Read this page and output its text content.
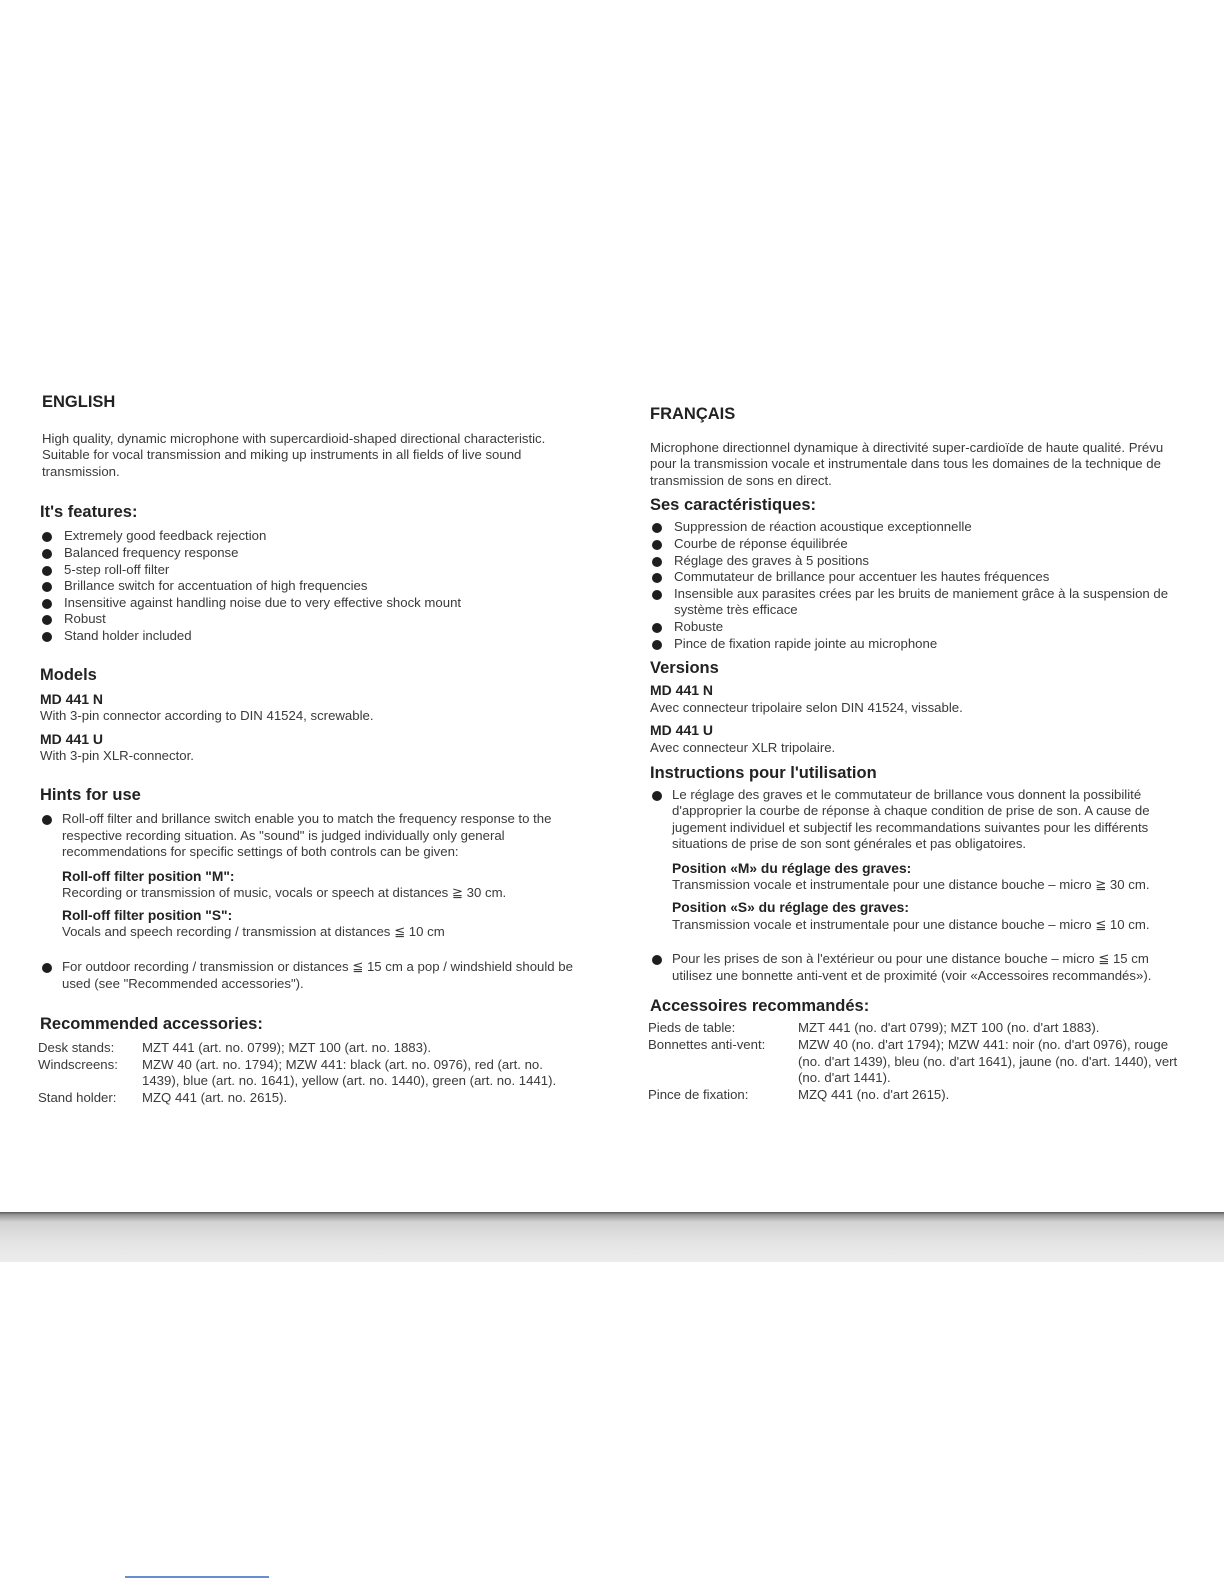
ENGLISH
High quality, dynamic microphone with supercardioid-shaped directional characteristic. Suitable for vocal transmission and miking up instruments in all fields of live sound transmission.
It's features:
Extremely good feedback rejection
Balanced frequency response
5-step roll-off filter
Brillance switch for accentuation of high frequencies
Insensitive against handling noise due to very effective shock mount
Robust
Stand holder included
Models
MD 441 N
With 3-pin connector according to DIN 41524, screwable.
MD 441 U
With 3-pin XLR-connector.
Hints for use
Roll-off filter and brillance switch enable you to match the frequency response to the respective recording situation. As "sound" is judged individually only general recommendations for specific settings of both controls can be given:
Roll-off filter position "M":
Recording or transmission of music, vocals or speech at distances ≧ 30 cm.
Roll-off filter position "S":
Vocals and speech recording / transmission at distances ≦ 10 cm
For outdoor recording / transmission or distances ≦ 15 cm a pop / windshield should be used (see "Recommended accessories").
Recommended accessories:
Desk stands:	MZT 441 (art. no. 0799); MZT 100 (art. no. 1883).
Windscreens:	MZW 40 (art. no. 1794); MZW 441: black (art. no. 0976), red (art. no. 1439), blue (art. no. 1641), yellow (art. no. 1440), green (art. no. 1441).
Stand holder:	MZQ 441 (art. no. 2615).
FRANÇAIS
Microphone directionnel dynamique à directivité super-cardioïde de haute qualité. Prévu pour la transmission vocale et instrumentale dans tous les domaines de la technique de transmission de sons en direct.
Ses caractéristiques:
Suppression de réaction acoustique exceptionnelle
Courbe de réponse équilibrée
Réglage des graves à 5 positions
Commutateur de brillance pour accentuer les hautes fréquences
Insensible aux parasites crées par les bruits de maniement grâce à la suspension de système très efficace
Robuste
Pince de fixation rapide jointe au microphone
Versions
MD 441 N
Avec connecteur tripolaire selon DIN 41524, vissable.
MD 441 U
Avec connecteur XLR tripolaire.
Instructions pour l'utilisation
Le réglage des graves et le commutateur de brillance vous donnent la possibilité d'approprier la courbe de réponse à chaque condition de prise de son. A cause de jugement individuel et subjectif les recommandations suivantes pour les différents situations de prise de son sont générales et pas obligatoires.
Position «M» du réglage des graves:
Transmission vocale et instrumentale pour une distance bouche – micro ≧ 30 cm.
Position «S» du réglage des graves:
Transmission vocale et instrumentale pour une distance bouche – micro ≦ 10 cm.
Pour les prises de son à l'extérieur ou pour une distance bouche – micro ≦ 15 cm utilisez une bonnette anti-vent et de proximité (voir «Accessoires recommandés»).
Accessoires recommandés:
Pieds de table:	MZT 441 (no. d'art 0799); MZT 100 (no. d'art 1883).
Bonnettes anti-vent:	MZW 40 (no. d'art 1794); MZW 441: noir (no. d'art 0976), rouge (no. d'art 1439), bleu (no. d'art 1641), jaune (no. d'art. 1440), vert (no. d'art 1441).
Pince de fixation:	MZQ 441 (no. d'art 2615).
